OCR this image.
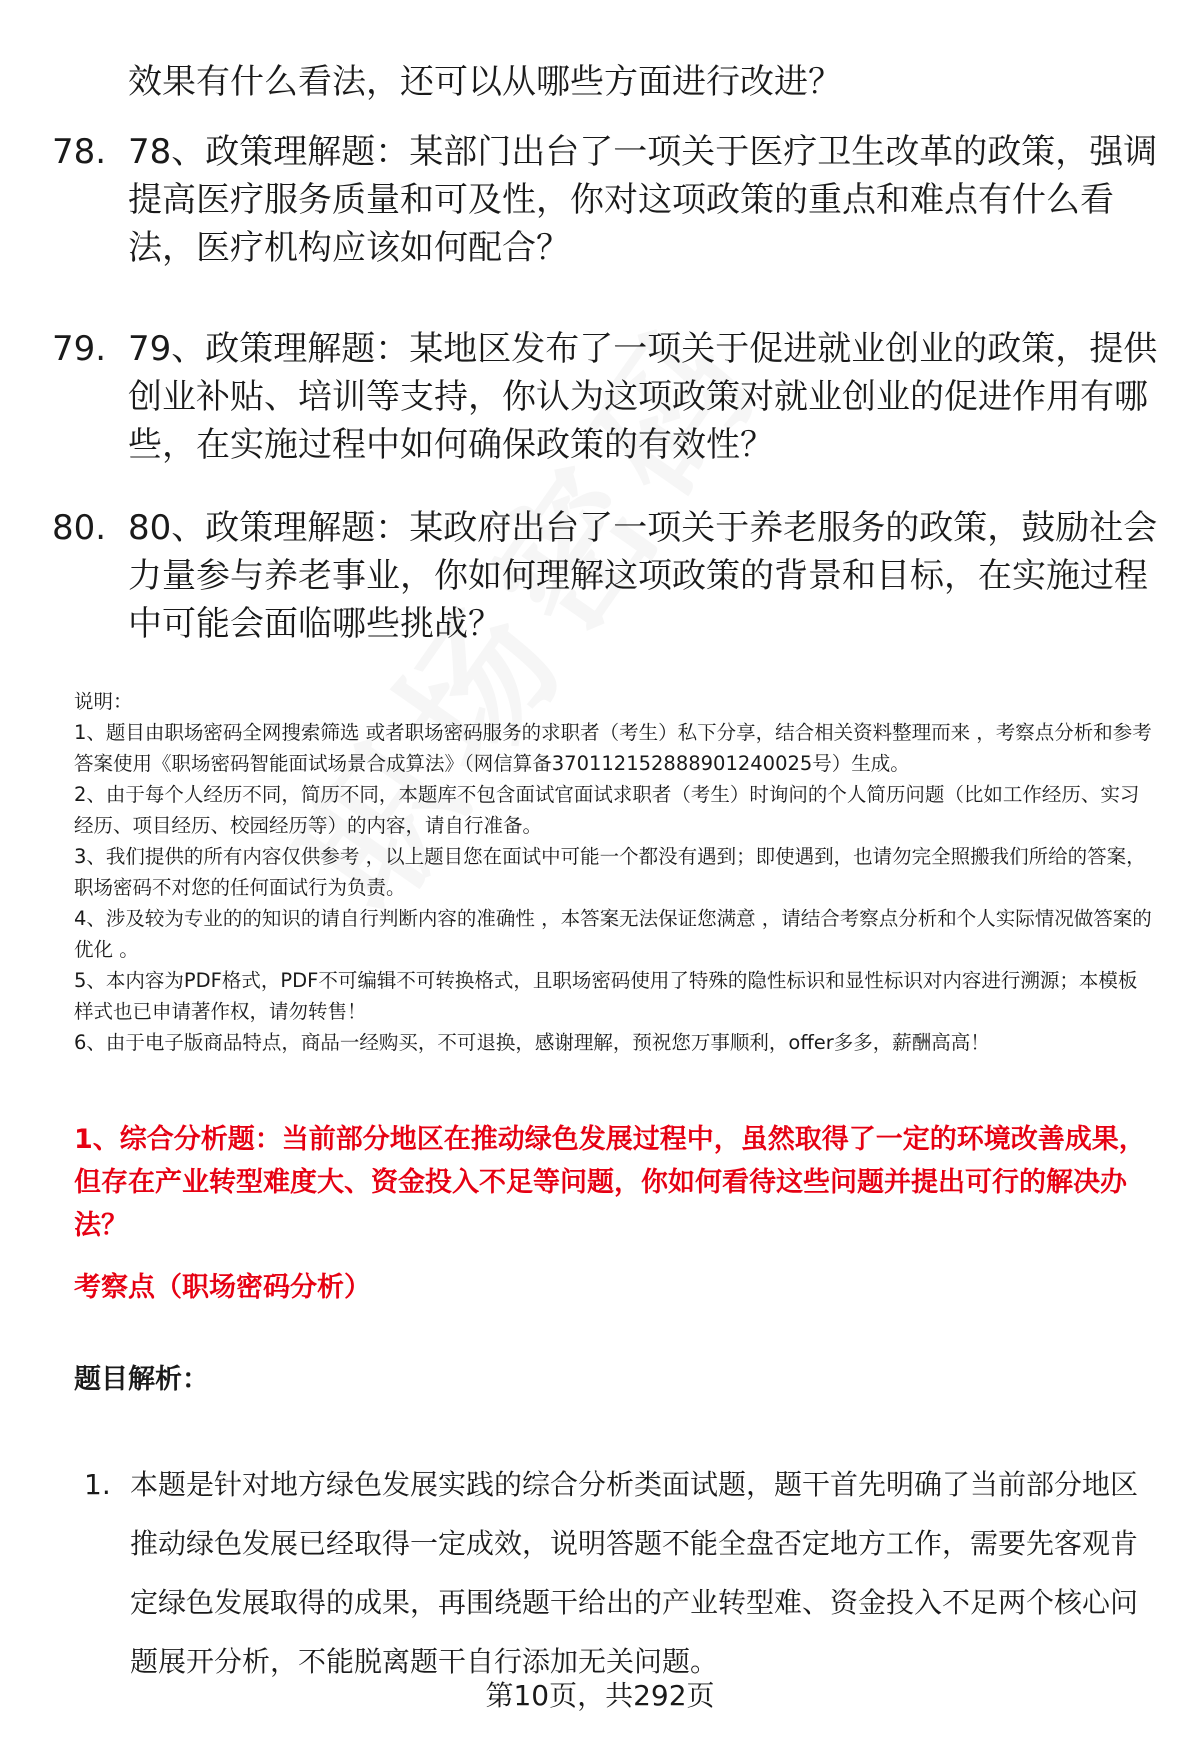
效果有什么看法，还可以从哪些方面进行改进？
78. 78、政策理解题：某部门出台了一项关于医疗卫生改革的政策，强调提高医疗服务质量和可及性，你对这项政策的重点和难点有什么看法，医疗机构应该如何配合？
79. 79、政策理解题：某地区发布了一项关于促进就业创业的政策，提供创业补贴、培训等支持，你认为这项政策对就业创业的促进作用有哪些，在实施过程中如何确保政策的有效性？
80. 80、政策理解题：某政府出台了一项关于养老服务的政策，鼓励社会力量参与养老事业，你如何理解这项政策的背景和目标，在实施过程中可能会面临哪些挑战？

说明：

1、题目由职场密码全网搜索筛选 或者职场密码服务的求职者（考生）私下分享，结合相关资料整理而来 ，考察点分析和参考答案使用《职场密码智能面试场景合成算法》（网信算备370112152888901240025号）生成。

2、由于每个人经历不同，简历不同，本题库不包含面试官面试求职者（考生）时询问的个人简历问题（比如工作经历、实习经历、项目经历、校园经历等）的内容，请自行准备。

3、我们提供的所有内容仅供参考 ，以上题目您在面试中可能一个都没有遇到；即使遇到，也请勿完全照搬我们所给的答案，职场密码不对您的任何面试行为负责。

4、涉及较为专业的的知识的请自行判断内容的准确性 ，本答案无法保证您满意 ，请结合考察点分析和个人实际情况做答案的优化 。

5、本内容为PDF格式，PDF不可编辑不可转换格式，且职场密码使用了特殊的隐性标识和显性标识对内容进行溯源；本模板样式也已申请著作权，请勿转售！

6、由于电子版商品特点，商品一经购买，不可退换，感谢理解，预祝您万事顺利，offer多多，薪酬高高！

1、综合分析题：当前部分地区在推动绿色发展过程中，虽然取得了一定的环境改善成果，但存在产业转型难度大、资金投入不足等问题，你如何看待这些问题并提出可行的解决办法？
考察点（职场密码分析）
题目解析：
1. 本题是针对地方绿色发展实践的综合分析类面试题，题干首先明确了当前部分地区推动绿色发展已经取得一定成效，说明答题不能全盘否定地方工作，需要先客观肯定绿色发展取得的成果，再围绕题干给出的产业转型难、资金投入不足两个核心问题展开分析，不能脱离题干自行添加无关问题。
第10页，共292页
